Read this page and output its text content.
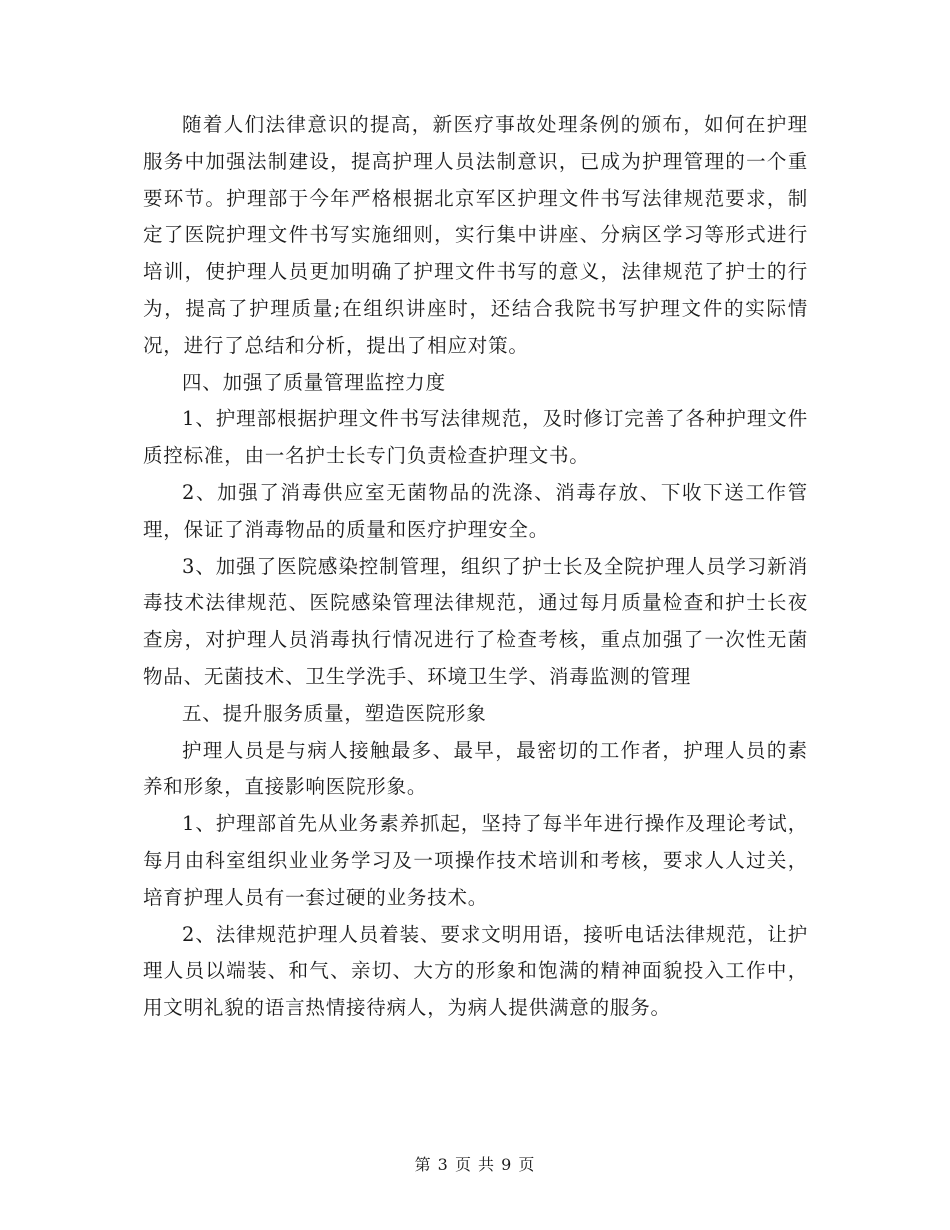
随着人们法律意识的提高，新医疗事故处理条例的颁布，如何在护理服务中加强法制建设，提高护理人员法制意识，已成为护理管理的一个重要环节。护理部于今年严格根据北京军区护理文件书写法律规范要求，制定了医院护理文件书写实施细则，实行集中讲座、分病区学习等形式进行培训，使护理人员更加明确了护理文件书写的意义，法律规范了护士的行为，提高了护理质量;在组织讲座时，还结合我院书写护理文件的实际情况，进行了总结和分析，提出了相应对策。

四、加强了质量管理监控力度

1、护理部根据护理文件书写法律规范，及时修订完善了各种护理文件质控标准，由一名护士长专门负责检查护理文书。

2、加强了消毒供应室无菌物品的洗涤、消毒存放、下收下送工作管理，保证了消毒物品的质量和医疗护理安全。

3、加强了医院感染控制管理，组织了护士长及全院护理人员学习新消毒技术法律规范、医院感染管理法律规范，通过每月质量检查和护士长夜查房，对护理人员消毒执行情况进行了检查考核，重点加强了一次性无菌物品、无菌技术、卫生学洗手、环境卫生学、消毒监测的管理

五、提升服务质量，塑造医院形象

护理人员是与病人接触最多、最早，最密切的工作者，护理人员的素养和形象，直接影响医院形象。

1、护理部首先从业务素养抓起，坚持了每半年进行操作及理论考试，每月由科室组织业业务学习及一项操作技术培训和考核，要求人人过关，培育护理人员有一套过硬的业务技术。

2、法律规范护理人员着装、要求文明用语，接听电话法律规范，让护理人员以端装、和气、亲切、大方的形象和饱满的精神面貌投入工作中，用文明礼貌的语言热情接待病人，为病人提供满意的服务。

第 3 页 共 9 页
